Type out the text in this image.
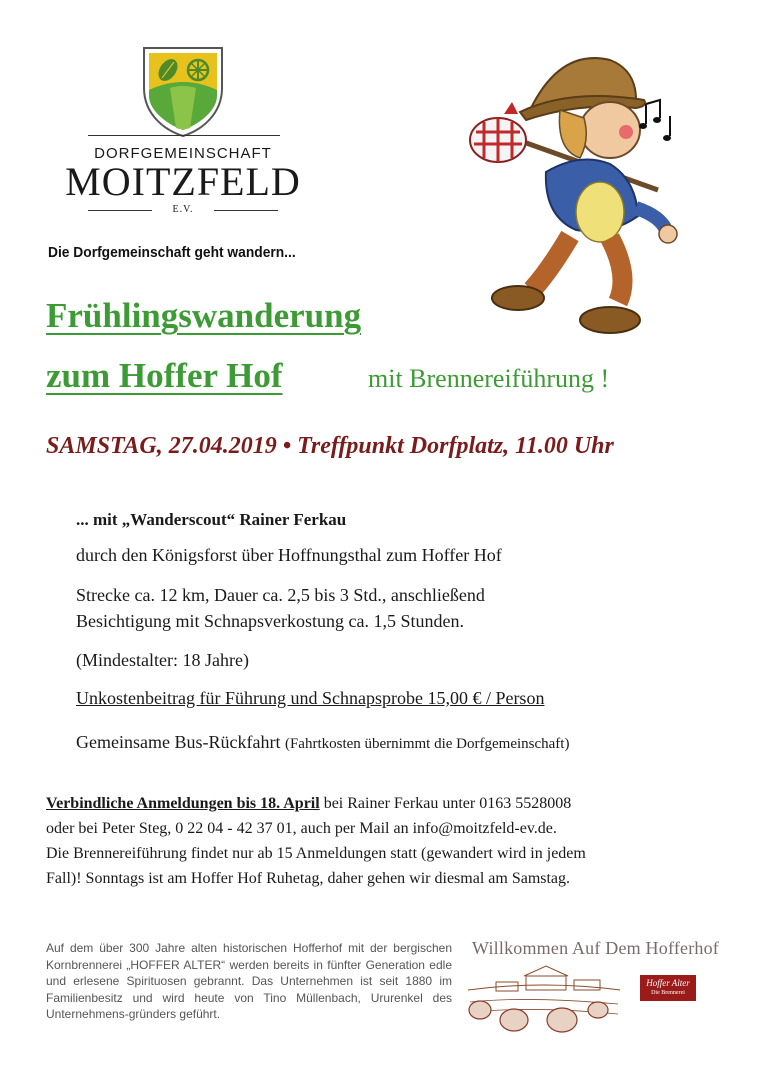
DORFGEMEINSCHAFT
MOITZFELD
E.V.
Die Dorfgemeinschaft geht wandern...
Frühlingswanderung
zum Hoffer Hof	mit Brennereiführung !
SAMSTAG, 27.04.2019 • Treffpunkt Dorfplatz, 11.00 Uhr
... mit „Wanderscout“ Rainer Ferkau
durch den Königsforst über Hoffnungsthal zum Hoffer Hof
Strecke ca. 12 km, Dauer ca. 2,5 bis 3 Std., anschließend
Besichtigung mit Schnapsverkostung ca. 1,5 Stunden.
(Mindestalter: 18 Jahre)
Unkostenbeitrag für Führung und Schnapsprobe 15,00 € / Person
Gemeinsame Bus-Rückfahrt (Fahrtkosten übernimmt die Dorfgemeinschaft)
Verbindliche Anmeldungen bis 18. April bei Rainer Ferkau unter 0163 5528008
oder bei Peter Steg, 0 22 04 - 42 37 01, auch per Mail an info@moitzfeld-ev.de.
Die Brennereiführung findet nur ab 15 Anmeldungen statt (gewandert wird in jedem
Fall)! Sonntags ist am Hoffer Hof Ruhetag, daher gehen wir diesmal am Samstag.

Auf dem über 300 Jahre alten historischen Hofferhof mit der bergischen Kornbrennerei „HOFFER ALTER“ werden bereits in fünfter Generation edle und erlesene Spirituosen gebrannt. Das Unternehmen ist seit 1880 im Familienbesitz und wird heute von Tino Müllenbach, Ururenkel des Unternehmens-gründers geführt.

Willkommen Auf Dem Hofferhof
Hoffer Alter
Die Brennerei
